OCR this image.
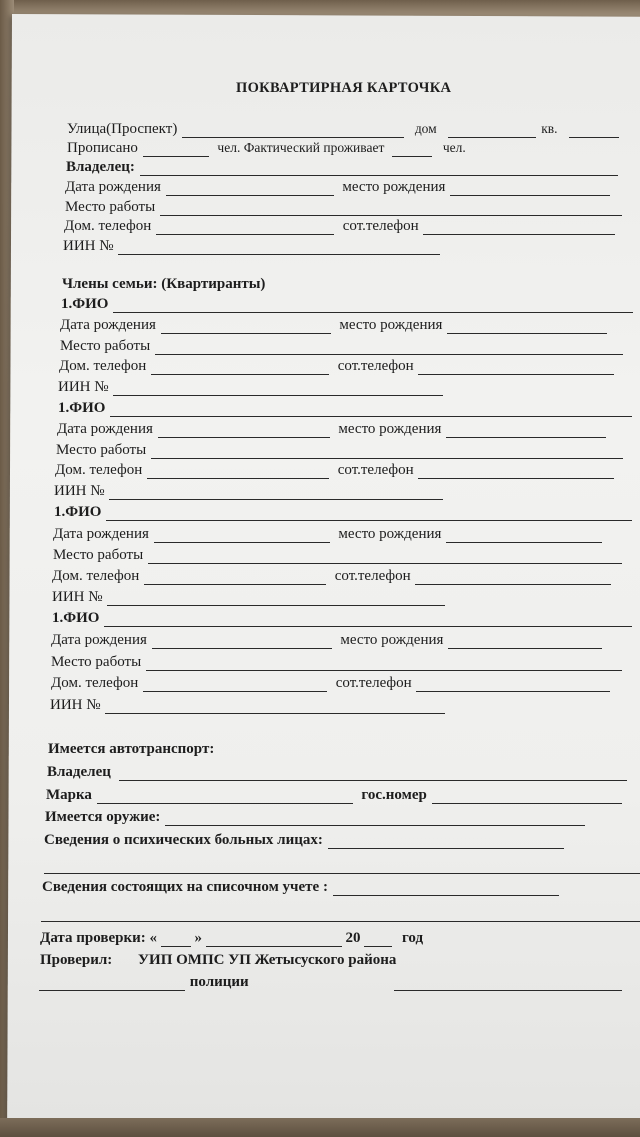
ПОКВАРТИРНАЯ КАРТОЧКА
Улица(Проспект)	дом	кв.
Прописано	чел. Фактический проживает	чел.
Владелец:
Дата рождения	место рождения
Место работы
Дом. телефон	сот.телефон
ИИН №
Члены семьи: (Квартиранты)
1.ФИО
Дата рождения	место рождения
Место работы
Дом. телефон	сот.телефон
ИИН №
1.ФИО
Дата рождения	место рождения
Место работы
Дом. телефон	сот.телефон
ИИН №
1.ФИО
Дата рождения	место рождения
Место работы
Дом. телефон	сот.телефон
ИИН №
1.ФИО
Дата рождения	место рождения
Место работы
Дом. телефон	сот.телефон
ИИН №
Имеется автотранспорт:
Владелец
Марка	гос.номер
Имеется оружие:
Сведения о психических больных лицах:
Сведения состоящих на списочном учете :
Дата проверки: «	»	20	год
Проверил: УИП ОМПС УП Жетысуского района
полиции
